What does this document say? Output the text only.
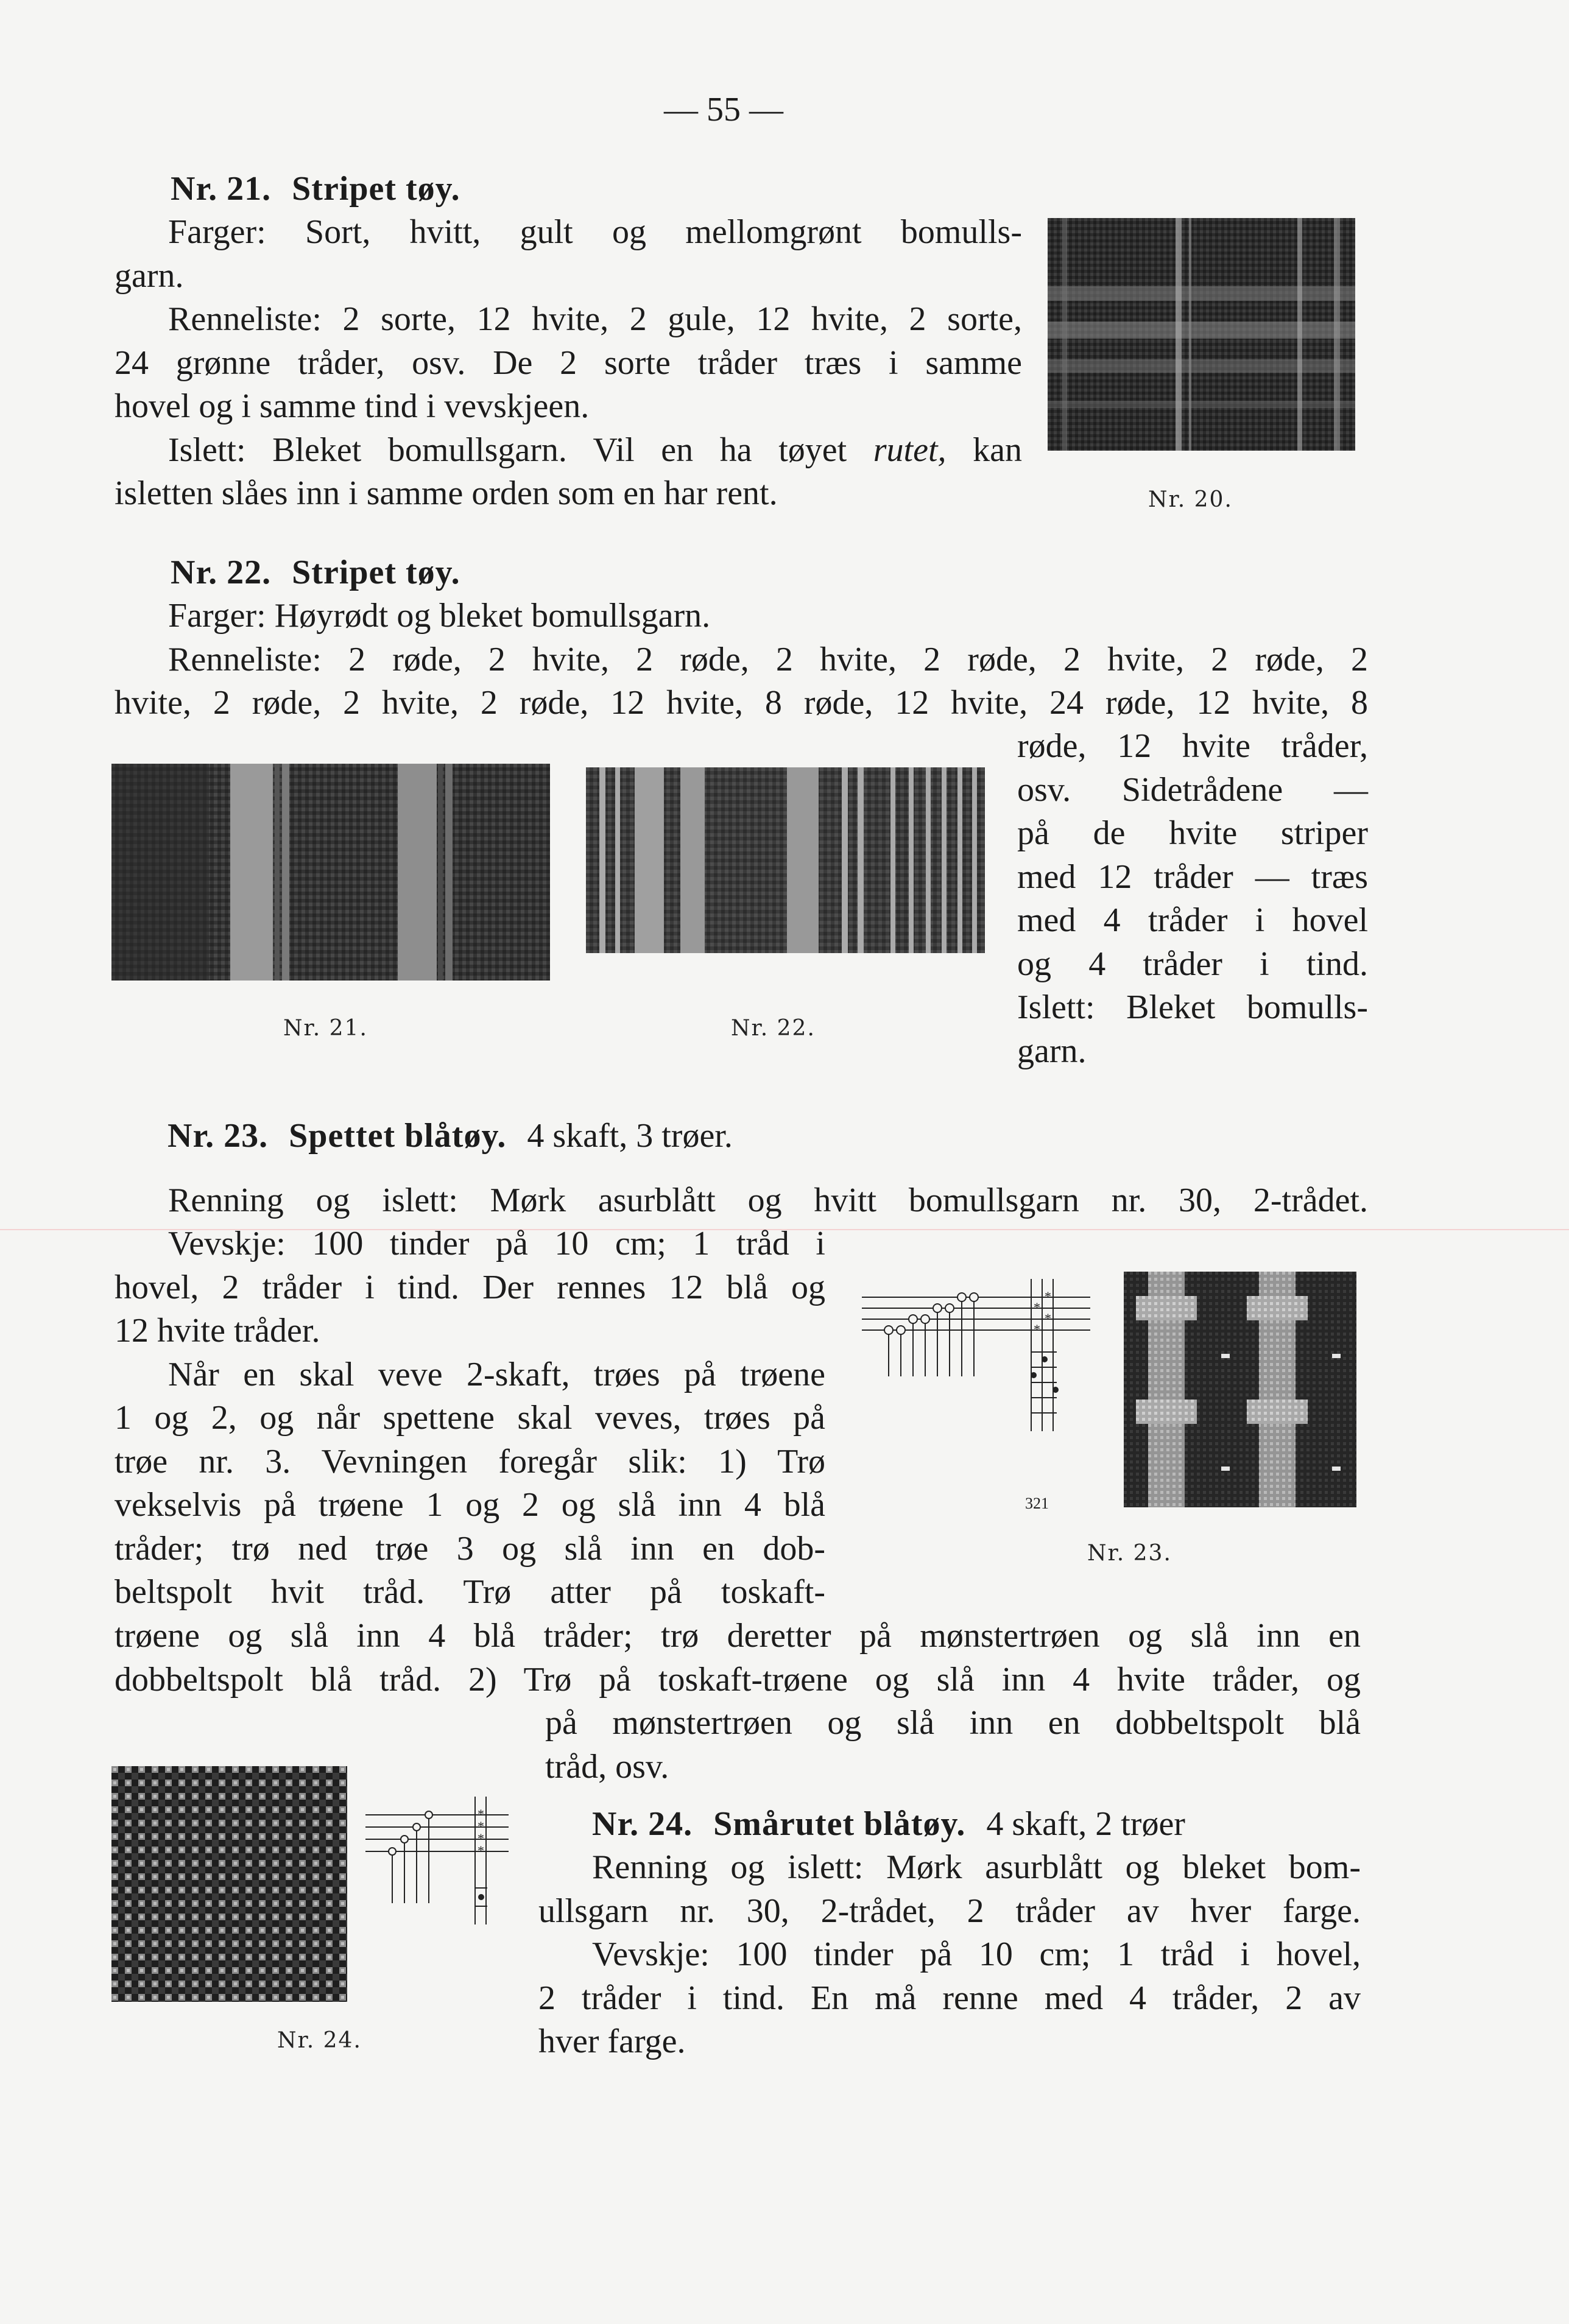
— 55 —

Nr. 21. Stripet tøy.

Farger: Sort, hvitt, gult og mellomgrønt bomulls-

garn.

Renneliste: 2 sorte, 12 hvite, 2 gule, 12 hvite, 2 sorte,

24 grønne tråder, osv. De 2 sorte tråder træs i samme

hovel og i samme tind i vevskjeen.

Islett: Bleket bomullsgarn. Vil en ha tøyet rutet, kan

isletten slåes inn i samme orden som en har rent.	Nr. 20.

Nr. 22. Stripet tøy.

Farger: Høyrødt og bleket bomullsgarn.

Renneliste: 2 røde, 2 hvite, 2 røde, 2 hvite, 2 røde, 2 hvite, 2 røde, 2

hvite, 2 røde, 2 hvite, 2 røde, 12 hvite, 8 røde, 12 hvite, 24 røde, 12 hvite, 8

røde, 12 hvite tråder,

osv. Sidetrådene —

på de hvite striper

med 12 tråder — træs

med 4 tråder i hovel

og 4 tråder i tind.

Islett: Bleket bomulls-

garn.

Nr. 21.	Nr. 22.

Nr. 23. Spettet blåtøy. 4 skaft, 3 trøer.

Renning og islett: Mørk asurblått og hvitt bomullsgarn nr. 30, 2-trådet.

Vevskje: 100 tinder på 10 cm; 1 tråd i

hovel, 2 tråder i tind. Der rennes 12 blå og

12 hvite tråder.

Når en skal veve 2-skaft, trøes på trøene

1 og 2, og når spettene skal veves, trøes på

trøe nr. 3. Vevningen foregår slik: 1) Trø

vekselvis på trøene 1 og 2 og slå inn 4 blå

tråder; trø ned trøe 3 og slå inn en dob-

beltspolt hvit tråd. Trø atter på toskaft-

trøene og slå inn 4 blå tråder; trø deretter på mønstertrøen og slå inn en

dobbeltspolt blå tråd. 2) Trø på toskaft-trøene og slå inn 4 hvite tråder, og

på mønstertrøen og slå inn en dobbeltspolt blå

tråd, osv.

*
*
*
*
321
Nr. 23.
Nr. 24.
*
*
*
*

Nr. 24. Smårutet blåtøy. 4 skaft, 2 trøer

Renning og islett: Mørk asurblått og bleket bom-

ullsgarn nr. 30, 2-trådet, 2 tråder av hver farge.

Vevskje: 100 tinder på 10 cm; 1 tråd i hovel,

2 tråder i tind. En må renne med 4 tråder, 2 av

hver farge.
